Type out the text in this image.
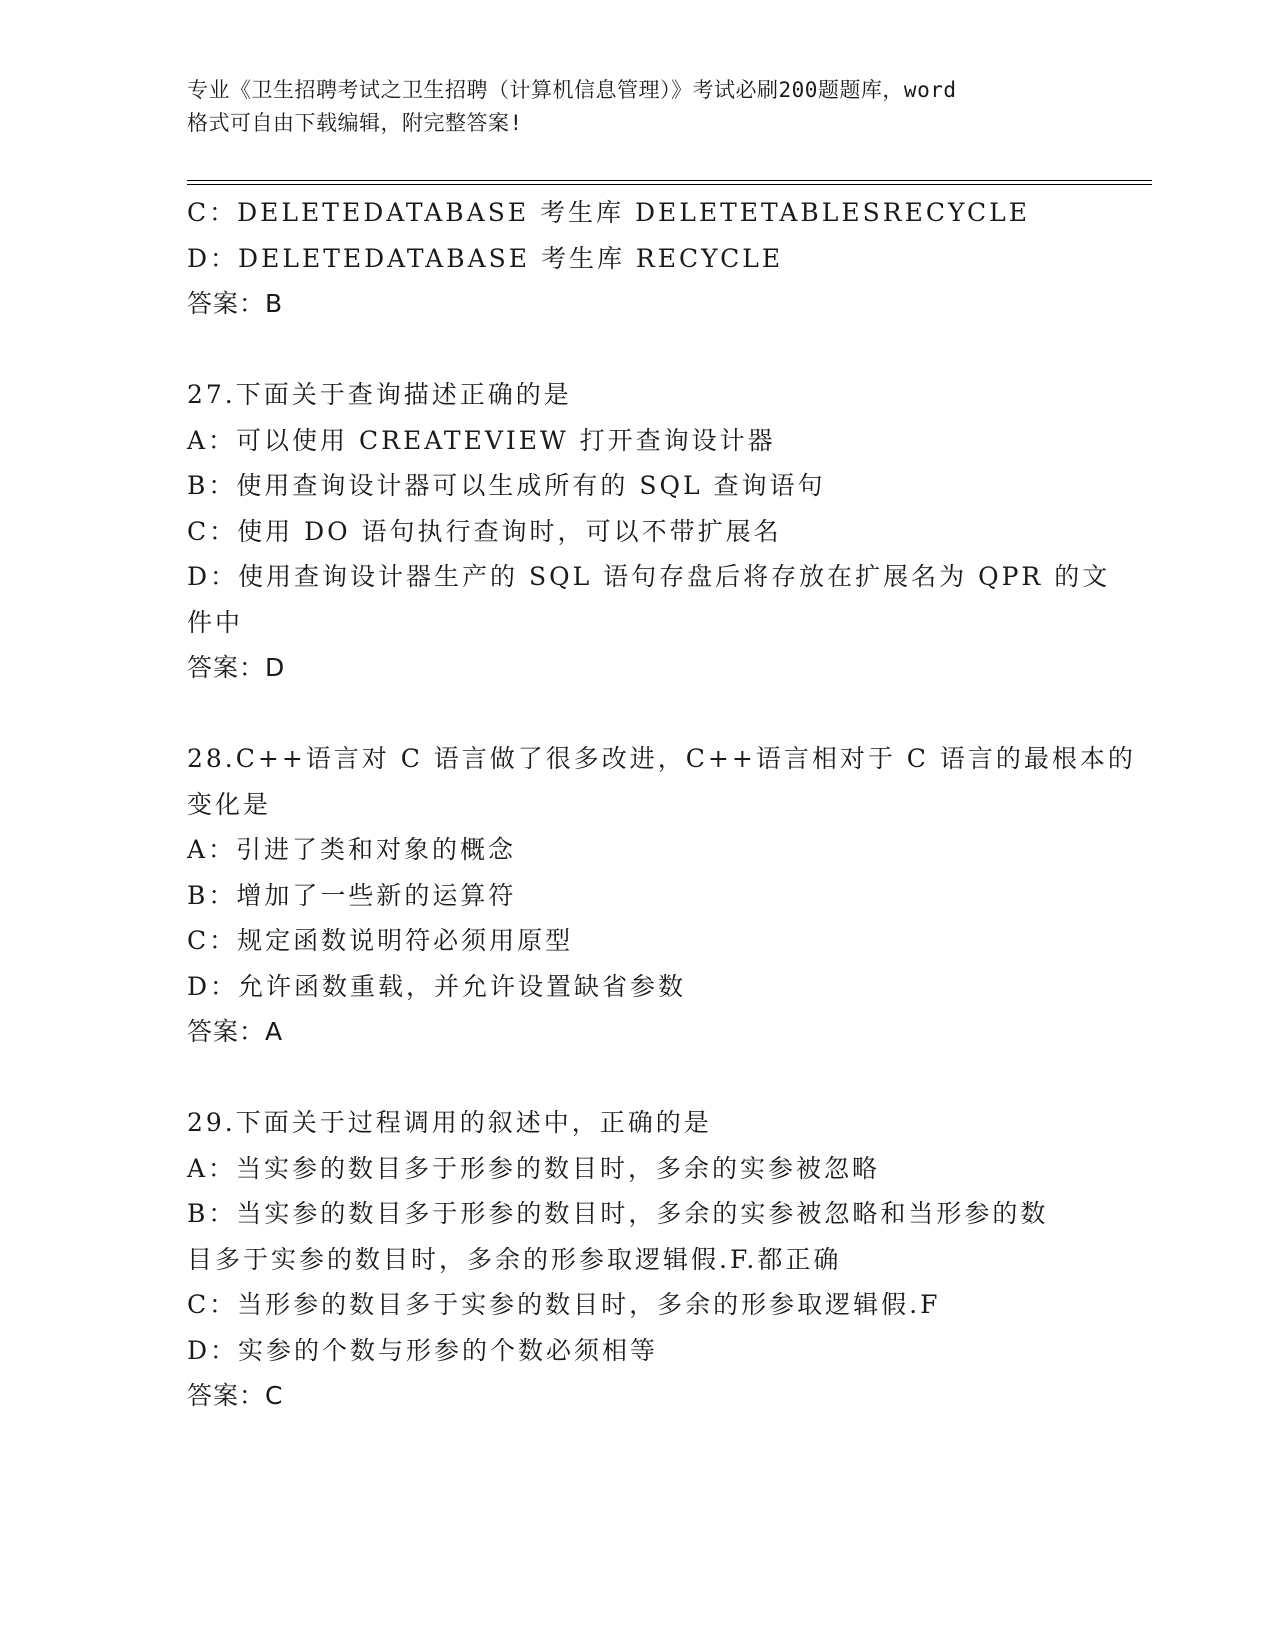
专业《卫生招聘考试之卫生招聘（计算机信息管理）》考试必刷200题题库，word
格式可自由下载编辑，附完整答案!
C：DELETEDATABASE 考生库 DELETETABLESRECYCLE
D：DELETEDATABASE 考生库 RECYCLE
答案：B
27.下面关于查询描述正确的是
A：可以使用 CREATEVIEW 打开查询设计器
B：使用查询设计器可以生成所有的 SQL 查询语句
C：使用 DO 语句执行查询时，可以不带扩展名
D：使用查询设计器生产的 SQL 语句存盘后将存放在扩展名为 QPR 的文
件中
答案：D
28.C++语言对 C 语言做了很多改进，C++语言相对于 C 语言的最根本的
变化是
A：引进了类和对象的概念
B：增加了一些新的运算符
C：规定函数说明符必须用原型
D：允许函数重载，并允许设置缺省参数
答案：A
29.下面关于过程调用的叙述中，正确的是
A：当实参的数目多于形参的数目时，多余的实参被忽略
B：当实参的数目多于形参的数目时，多余的实参被忽略和当形参的数
目多于实参的数目时，多余的形参取逻辑假.F.都正确
C：当形参的数目多于实参的数目时，多余的形参取逻辑假.F
D：实参的个数与形参的个数必须相等
答案：C
